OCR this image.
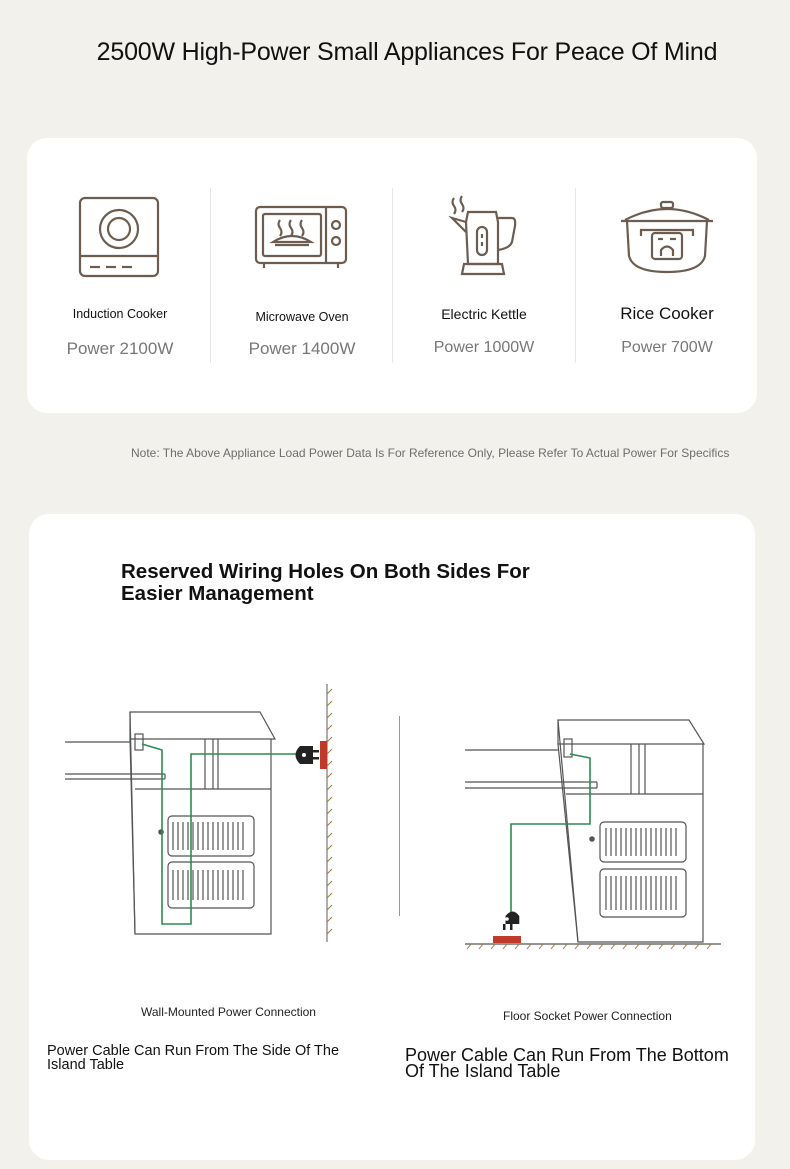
2500W High-Power Small Appliances For Peace Of Mind
Induction Cooker
Power 2100W
Microwave Oven
Power 1400W
Electric Kettle
Power 1000W
Rice Cooker
Power 700W
Note: The Above Appliance Load Power Data Is For Reference Only, Please Refer To Actual Power For Specifics
Reserved Wiring Holes On Both Sides For Easier Management
Wall-Mounted Power Connection	Floor Socket Power Connection
Power Cable Can Run From The Side Of The Island Table	Power Cable Can Run From The Bottom Of The Island Table
